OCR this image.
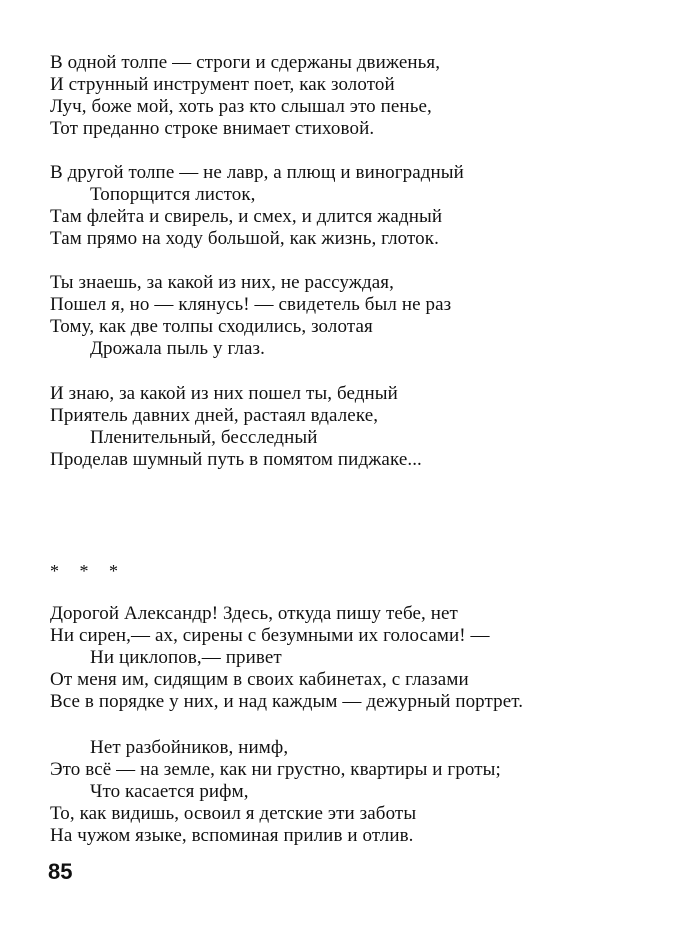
В одной толпе — строги и сдержаны движенья,
И струнный инструмент поет, как золотой
Луч, боже мой, хоть раз кто слышал это пенье,
Тот преданно строке внимает стиховой.
В другой толпе — не лавр, а плющ и виноградный
Топорщится листок,
Там флейта и свирель, и смех, и длится жадный
Там прямо на ходу большой, как жизнь, глоток.
Ты знаешь, за какой из них, не рассуждая,
Пошел я, но — клянусь! — свидетель был не раз
Тому, как две толпы сходились, золотая
Дрожала пыль у глаз.
И знаю, за какой из них пошел ты, бедный
Приятель давних дней, растаял вдалеке,
Пленительный, бесследный
Проделав шумный путь в помятом пиджаке...
* * *
Дорогой Александр! Здесь, откуда пишу тебе, нет
Ни сирен,— ах, сирены с безумными их голосами! —
Ни циклопов,— привет
От меня им, сидящим в своих кабинетах, с глазами
Все в порядке у них, и над каждым — дежурный портрет.
Нет разбойников, нимф,
Это всё — на земле, как ни грустно, квартиры и гроты;
Что касается рифм,
То, как видишь, освоил я детские эти заботы
На чужом языке, вспоминая прилив и отлив.
85
